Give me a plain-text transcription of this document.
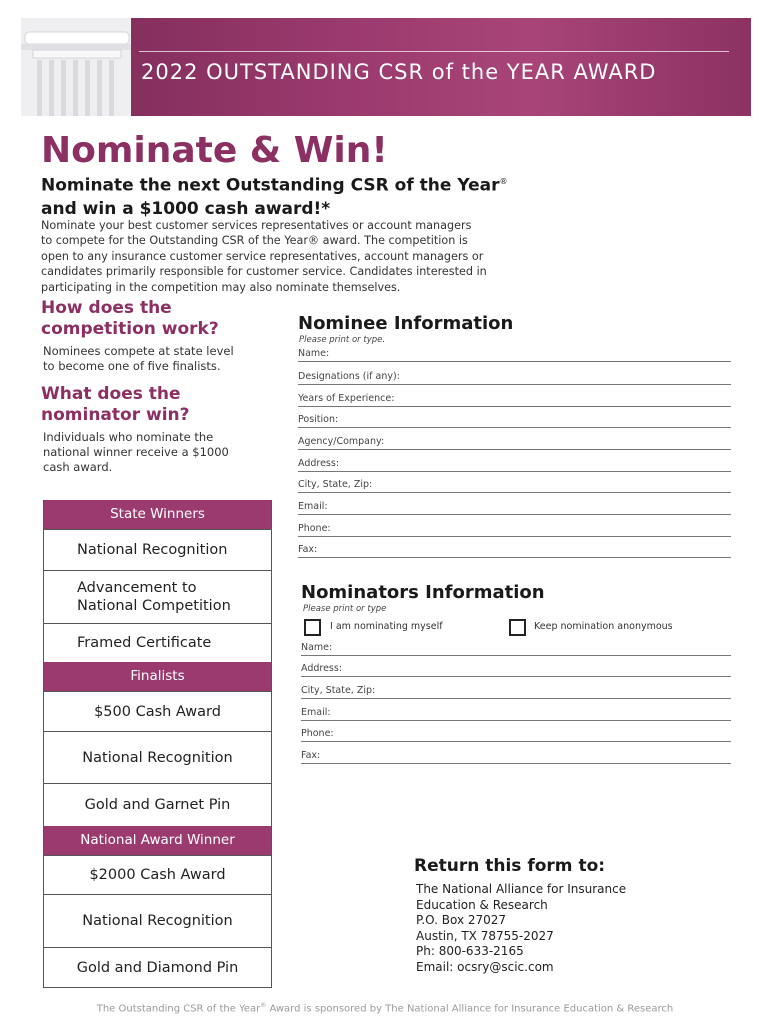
2022 OUTSTANDING CSR of the YEAR AWARD
Nominate & Win!
Nominate the next Outstanding CSR of the Year®
and win a $1000 cash award!*
Nominate your best customer services representatives or account managers
to compete for the Outstanding CSR of the Year® award. The competition is
open to any insurance customer service representatives, account managers or
candidates primarily responsible for customer service. Candidates interested in
participating in the competition may also nominate themselves.
How does the
competition work?
Nominees compete at state level
to become one of five finalists.
What does the
nominator win?
Individuals who nominate the
national winner receive a $1000
cash award.
State Winners
National Recognition
Advancement to National Competition
Framed Certificate
Finalists
$500 Cash Award
National Recognition
Gold and Garnet Pin
National Award Winner
$2000 Cash Award
National Recognition
Gold and Diamond Pin
Nominee Information
Please print or type.
Name:
Designations (if any):
Years of Experience:
Position:
Agency/Company:
Address:
City, State, Zip:
Email:
Phone:
Fax:
Nominators Information
Please print or type
I am nominating myself	Keep nomination anonymous
Name:
Address:
City, State, Zip:
Email:
Phone:
Fax:
Return this form to:
The National Alliance for Insurance
Education & Research
P.O. Box 27027
Austin, TX 78755-2027
Ph: 800-633-2165
Email: ocsry@scic.com
The Outstanding CSR of the Year® Award is sponsored by The National Alliance for Insurance Education & Research
